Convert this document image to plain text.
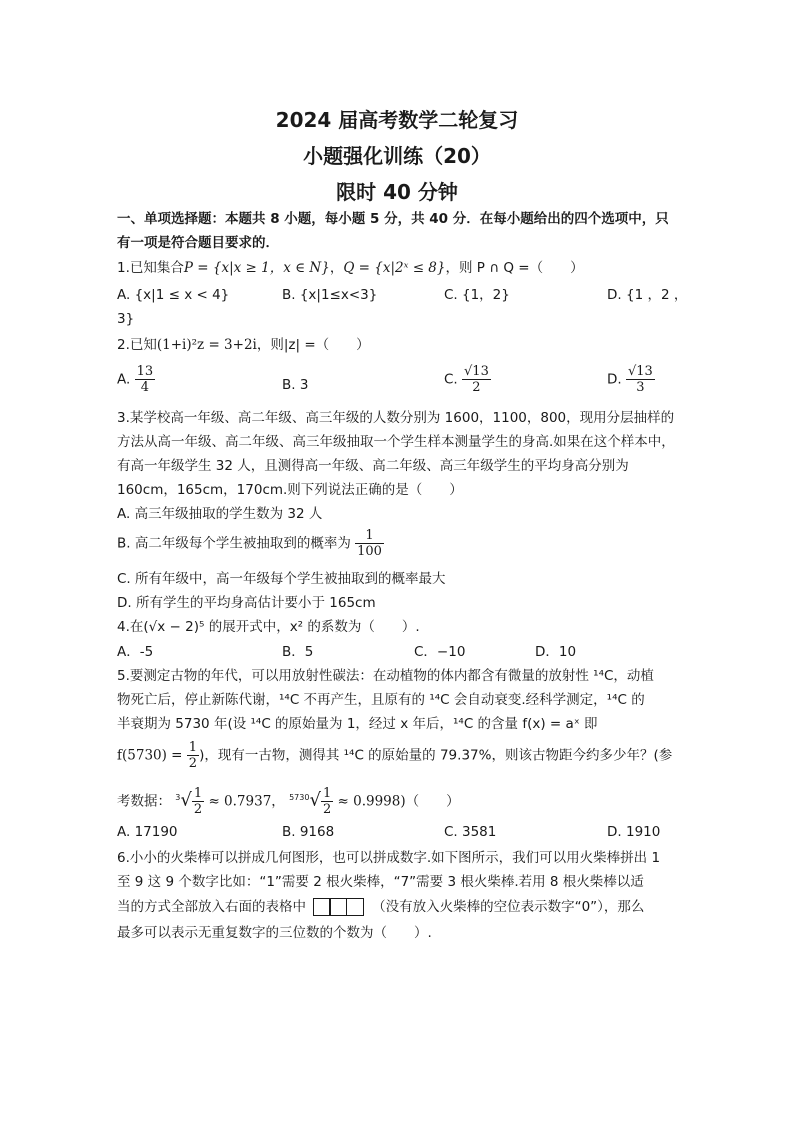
2024 届高考数学二轮复习
小题强化训练（20）
限时 40 分钟
一、单项选择题：本题共 8 小题，每小题 5 分，共 40 分．在每小题给出的四个选项中，只
有一项是符合题目要求的．
1.已知集合P = {x|x ≥ 1，x ∈ N}，Q = {x|2ˣ ≤ 8}，则 P ∩ Q =（　　）
A. {x|1 ≤ x < 4}	B. {x|1≤x<3}	C. {1，2}	D. {1 ，2 ，
3}
2.已知(1+i)²z = 3+2i，则|z| =（　　）
A. $\frac{13}{4}$	B. 3	C. $\frac{√13}{2}$	D. $\frac{√13}{3}$
3.某学校高一年级、高二年级、高三年级的人数分别为 1600，1100，800，现用分层抽样的
方法从高一年级、高二年级、高三年级抽取一个学生样本测量学生的身高.如果在这个样本中，
有高一年级学生 32 人，且测得高一年级、高二年级、高三年级学生的平均身高分别为
160cm，165cm，170cm.则下列说法正确的是（　　）
A. 高三年级抽取的学生数为 32 人
B. 高二年级每个学生被抽取到的概率为 $\frac{1}{100}$
C. 所有年级中，高一年级每个学生被抽取到的概率最大
D. 所有学生的平均身高估计要小于 165cm
4.在(√x − 2)⁵ 的展开式中，x² 的系数为（　　）.
A．-5	B．5	C．−10	D．10
5.要测定古物的年代，可以用放射性碳法：在动植物的体内都含有微量的放射性 ¹⁴C，动植
物死亡后，停止新陈代谢，¹⁴C 不再产生，且原有的 ¹⁴C 会自动衰变.经科学测定，¹⁴C 的
半衰期为 5730 年(设 ¹⁴C 的原始量为 1，经过 x 年后，¹⁴C 的含量 f(x) = aˣ 即
$f(5730) = \frac{1}{2}$ )，现有一古物，测得其 ¹⁴C 的原始量的 79.37%，则该古物距今约多少年？(参
考数据： $^3√ \frac{1}{2} \approx 0.7937$， $^{5730}√ \frac{1}{2} \approx 0.9998$)（　　）
A. 17190	B. 9168	C. 3581	D. 1910
6.小小的火柴棒可以拼成几何图形，也可以拼成数字.如下图所示，我们可以用火柴棒拼出 1
至 9 这 9 个数字比如：“1”需要 2 根火柴棒，“7”需要 3 根火柴棒.若用 8 根火柴棒以适
当的方式全部放入右面的表格中	（没有放入火柴棒的空位表示数字“0”），那么
最多可以表示无重复数字的三位数的个数为（　　）.
